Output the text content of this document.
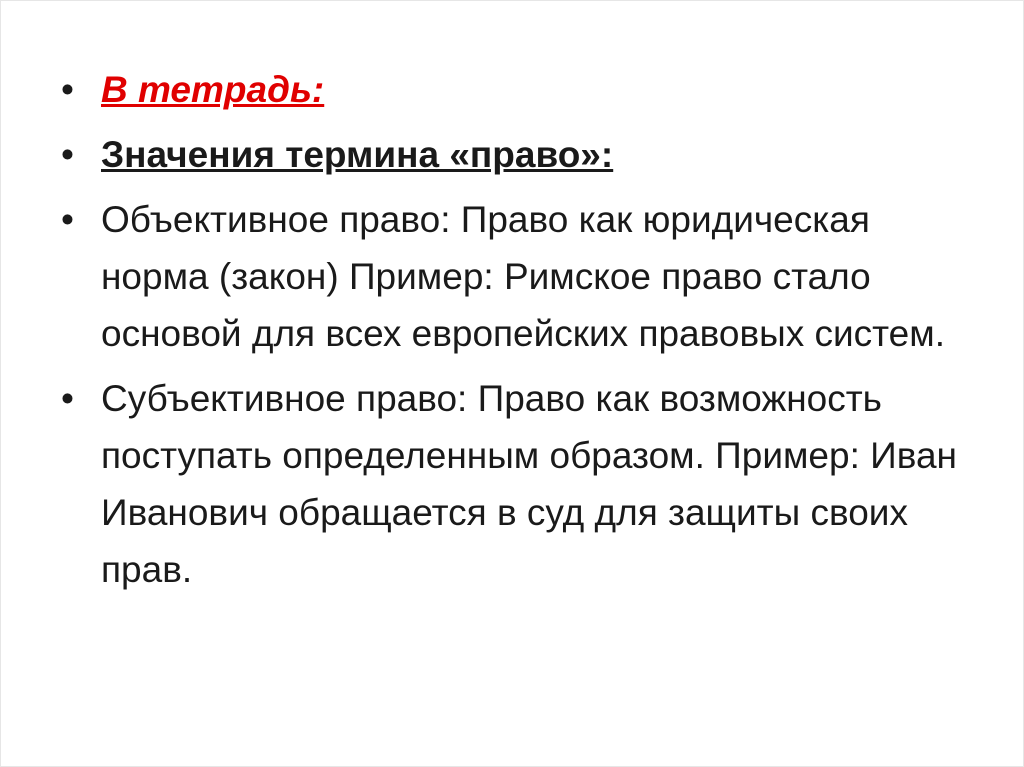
• В тетрадь:
• Значения термина «право»:
• Объективное право: Право как юридическая норма (закон) Пример: Римское право стало основой для всех европейских правовых систем.
• Субъективное право: Право как возможность поступать определенным образом. Пример: Иван Иванович обращается в суд для защиты своих прав.
